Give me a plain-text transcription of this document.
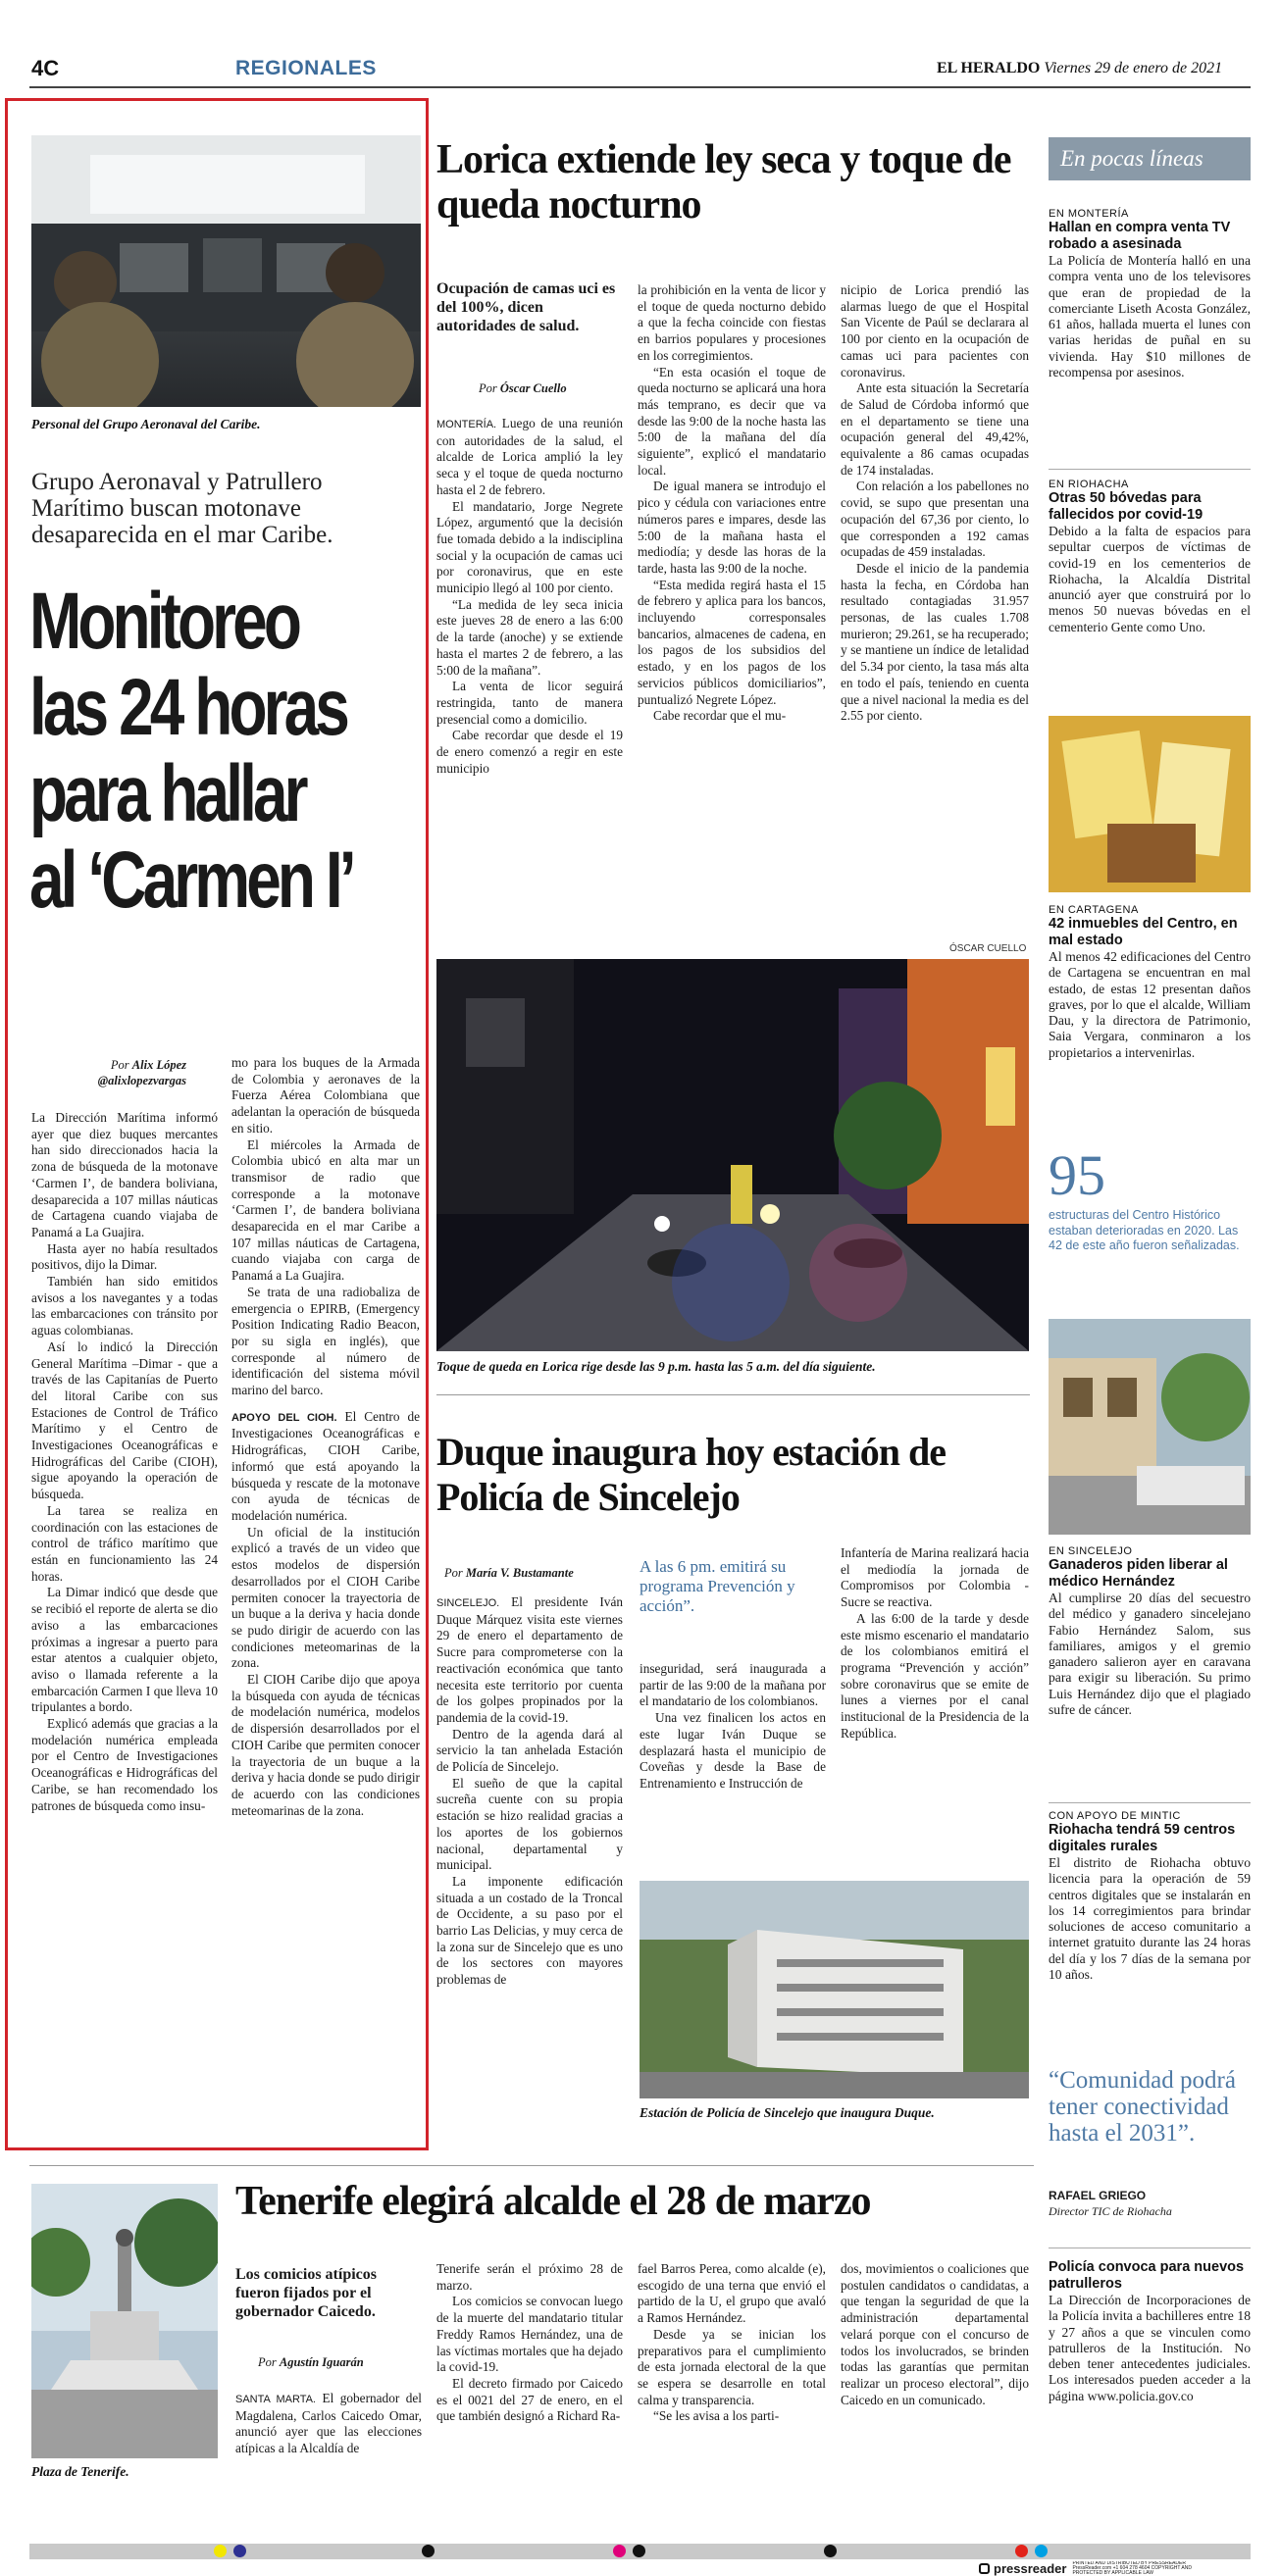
4C	REGIONALES	EL HERALDO Viernes 29 de enero de 2021
Personal del Grupo Aeronaval del Caribe.
Grupo Aeronaval y Patrullero Marítimo buscan motonave desaparecida en el mar Caribe.
Monitoreo
las 24 horas
para hallar
al ‘Carmen I’
Por Alix López
@alixlopezvargas

La Dirección Marítima informó ayer que diez buques mercantes han sido direccionados hacia la zona de búsqueda de la motonave ‘Carmen I’, de bandera boliviana, desaparecida a 107 millas náuticas de Cartagena cuando viajaba de Panamá a La Guajira.

Hasta ayer no había resultados positivos, dijo la Dimar.

También han sido emitidos avisos a los navegantes y a todas las embarcaciones con tránsito por aguas colombianas.

Así lo indicó la Dirección General Marítima –Dimar - que a través de las Capitanías de Puerto del litoral Caribe con sus Estaciones de Control de Tráfico Marítimo y el Centro de Investigaciones Oceanográficas e Hidrográficas del Caribe (CIOH), sigue apoyando la operación de búsqueda.

La tarea se realiza en coordinación con las estaciones de control de tráfico marítimo que están en funcionamiento las 24 horas.

La Dimar indicó que desde que se recibió el reporte de alerta se dio aviso a las embarcaciones próximas a ingresar a puerto para estar atentos a cualquier objeto, aviso o llamada referente a la embarcación Carmen I que lleva 10 tripulantes a bordo.

Explicó además que gracias a la modelación numérica empleada por el Centro de Investigaciones Oceanográficas e Hidrográficas del Caribe, se han recomendado los patrones de búsqueda como insu-

mo para los buques de la Armada de Colombia y aeronaves de la Fuerza Aérea Colombiana que adelantan la operación de búsqueda en sitio.

El miércoles la Armada de Colombia ubicó en alta mar un transmisor de radio que corresponde a la motonave ‘Carmen I’, de bandera boliviana desaparecida en el mar Caribe a 107 millas náuticas de Cartagena, cuando viajaba con carga de Panamá a La Guajira.

Se trata de una radiobaliza de emergencia o EPIRB, (Emergency Position Indicating Radio Beacon, por su sigla en inglés), que corresponde al número de identificación del sistema móvil marino del barco.

APOYO DEL CIOH. El Centro de Investigaciones Oceanográficas e Hidrográficas, CIOH Caribe, informó que está apoyando la búsqueda y rescate de la motonave con ayuda de técnicas de modelación numérica.

Un oficial de la institución explicó a través de un video que estos modelos de dispersión desarrollados por el CIOH Caribe permiten conocer la trayectoria de un buque a la deriva y hacia donde se pudo dirigir de acuerdo con las condiciones meteomarinas de la zona.

El CIOH Caribe dijo que apoya la búsqueda con ayuda de técnicas de modelación numérica, modelos de dispersión desarrollados por el CIOH Caribe que permiten conocer la trayectoria de un buque a la deriva y hacia donde se pudo dirigir de acuerdo con las condiciones meteomarinas de la zona.

Lorica extiende ley seca y toque de queda nocturno
Ocupación de camas uci es del 100%, dicen autoridades de salud.
Por Óscar Cuello

MONTERÍA. Luego de una reunión con autoridades de la salud, el alcalde de Lorica amplió la ley seca y el toque de queda nocturno hasta el 2 de febrero.

El mandatario, Jorge Negrete López, argumentó que la decisión fue tomada debido a la indisciplina social y la ocupación de camas uci por coronavirus, que en este municipio llegó al 100 por ciento.

“La medida de ley seca inicia este jueves 28 de enero a las 6:00 de la tarde (anoche) y se extiende hasta el martes 2 de febrero, a las 5:00 de la mañana”.

La venta de licor seguirá restringida, tanto de manera presencial como a domicilio.

Cabe recordar que desde el 19 de enero comenzó a regir en este municipio

la prohibición en la venta de licor y el toque de queda nocturno debido a que la fecha coincide con fiestas en barrios populares y procesiones en los corregimientos.

“En esta ocasión el toque de queda nocturno se aplicará una hora más temprano, es decir que va desde las 9:00 de la noche hasta las 5:00 de la mañana del día siguiente”, explicó el mandatario local.

De igual manera se introdujo el pico y cédula con variaciones entre números pares e impares, desde las 5:00 de la mañana hasta el mediodía; y desde las horas de la tarde, hasta las 9:00 de la noche.

“Esta medida regirá hasta el 15 de febrero y aplica para los bancos, incluyendo corresponsales bancarios, almacenes de cadena, en los pagos de los subsidios del estado, y en los pagos de los servicios públicos domiciliarios”, puntualizó Negrete López.

Cabe recordar que el mu-

nicipio de Lorica prendió las alarmas luego de que el Hospital San Vicente de Paúl se declarara al 100 por ciento en la ocupación de camas uci para pacientes con coronavirus.

Ante esta situación la Secretaría de Salud de Córdoba informó que en el departamento se tiene una ocupación general del 49,42%, equivalente a 86 camas ocupadas de 174 instaladas.

Con relación a los pabellones no covid, se supo que presentan una ocupación del 67,36 por ciento, lo que corresponden a 192 camas ocupadas de 459 instaladas.

Desde el inicio de la pandemia hasta la fecha, en Córdoba han resultado contagiadas 31.957 personas, de las cuales 1.708 murieron; 29.261, se ha recuperado; y se mantiene un índice de letalidad del 5.34 por ciento, la tasa más alta en todo el país, teniendo en cuenta que a nivel nacional la media es del 2.55 por ciento.

ÓSCAR CUELLO
Toque de queda en Lorica rige desde las 9 p.m. hasta las 5 a.m. del día siguiente.
Duque inaugura hoy estación de Policía de Sincelejo
Por María V. Bustamante	A las 6 pm. emitirá su programa Prevención y acción”.

SINCELEJO. El presidente Iván Duque Márquez visita este viernes 29 de enero el departamento de Sucre para comprometerse con la reactivación económica que tanto necesita este territorio por cuenta de los golpes propinados por la pandemia de la covid-19.

Dentro de la agenda dará al servicio la tan anhelada Estación de Policía de Sincelejo.

El sueño de que la capital sucreña cuente con su propia estación se hizo realidad gracias a los aportes de los gobiernos nacional, departamental y municipal.

La imponente edificación situada a un costado de la Troncal de Occidente, a su paso por el barrio Las Delicias, y muy cerca de la zona sur de Sincelejo que es uno de los sectores con mayores problemas de

inseguridad, será inaugurada a partir de las 9:00 de la mañana por el mandatario de los colombianos.

Una vez finalicen los actos en este lugar Iván Duque se desplazará hasta el municipio de Coveñas y desde la Base de Entrenamiento e Instrucción de

Infantería de Marina realizará hacia el mediodía la jornada de Compromisos por Colombia - Sucre se reactiva.

A las 6:00 de la tarde y desde este mismo escenario el mandatario de los colombianos emitirá el programa “Prevención y acción” sobre coronavirus que se emite de lunes a viernes por el canal institucional de la Presidencia de la República.

Estación de Policía de Sincelejo que inaugura Duque.
Plaza de Tenerife.
Tenerife elegirá alcalde el 28 de marzo
Los comicios atípicos fueron fijados por el gobernador Caicedo.
Por Agustín Iguarán

SANTA MARTA. El gobernador del Magdalena, Carlos Caicedo Omar, anunció ayer que las elecciones atípicas a la Alcaldía de

Tenerife serán el próximo 28 de marzo.

Los comicios se convocan luego de la muerte del mandatario titular Freddy Ramos Hernández, una de las víctimas mortales que ha dejado la covid-19.

El decreto firmado por Caicedo es el 0021 del 27 de enero, en el que también designó a Richard Ra-

fael Barros Perea, como alcalde (e), escogido de una terna que envió el partido de la U, el grupo que avaló a Ramos Hernández.

Desde ya se inician los preparativos para el cumplimiento de esta jornada electoral de la que se espera se desarrolle en total calma y transparencia.

“Se les avisa a los parti-

dos, movimientos o coaliciones que postulen candidatos o candidatas, a que tengan la seguridad de que la administración departamental velará porque con el concurso de todos los involucrados, se brinden todas las garantías que permitan realizar un proceso electoral”, dijo Caicedo en un comunicado.

En pocas líneas
EN MONTERÍA
Hallan en compra venta TV robado a asesinada
La Policía de Montería halló en una compra venta uno de los televisores que eran de propiedad de la comerciante Liseth Acosta González, 61 años, hallada muerta el lunes con varias heridas de puñal en su vivienda. Hay $10 millones de recompensa por asesinos.
EN RIOHACHA
Otras 50 bóvedas para fallecidos por covid-19
Debido a la falta de espacios para sepultar cuerpos de víctimas de covid-19 en los cementerios de Riohacha, la Alcaldía Distrital anunció ayer que construirá por lo menos 50 nuevas bóvedas en el cementerio Gente como Uno.
EN CARTAGENA
42 inmuebles del Centro, en mal estado
Al menos 42 edificaciones del Centro de Cartagena se encuentran en mal estado, de estas 12 presentan daños graves, por lo que el alcalde, William Dau, y la directora de Patrimonio, Saia Vergara, conminaron a los propietarios a intervenirlas.
95
estructuras del Centro Histórico estaban deterioradas en 2020. Las 42 de este año fueron señalizadas.
EN SINCELEJO
Ganaderos piden liberar al médico Hernández
Al cumplirse 20 días del secuestro del médico y ganadero sincelejano Fabio Hernández Salom, sus familiares, amigos y el gremio ganadero salieron ayer en caravana para exigir su liberación. Su primo Luis Hernández dijo que el plagiado sufre de cáncer.
CON APOYO DE MINTIC
Riohacha tendrá 59 centros digitales rurales
El distrito de Riohacha obtuvo licencia para la operación de 59 centros digitales que se instalarán en los 14 corregimientos para brindar soluciones de acceso comunitario a internet gratuito durante las 24 horas del día y los 7 días de la semana por 10 años.
“Comunidad podrá tener conectividad hasta el 2031”.
RAFAEL GRIEGO
Director TIC de Riohacha
Policía convoca para nuevos patrulleros
La Dirección de Incorporaciones de la Policía invita a bachilleres entre 18 y 27 años a que se vinculen como patrulleros de la Institución. No deben tener antecedentes judiciales. Los interesados pueden acceder a la página www.policia.gov.co
pressreader PRINTED AND DISTRIBUTED BY PRESSREADER PressReader.com +1 604 278 4604 COPYRIGHT AND PROTECTED BY APPLICABLE LAW
